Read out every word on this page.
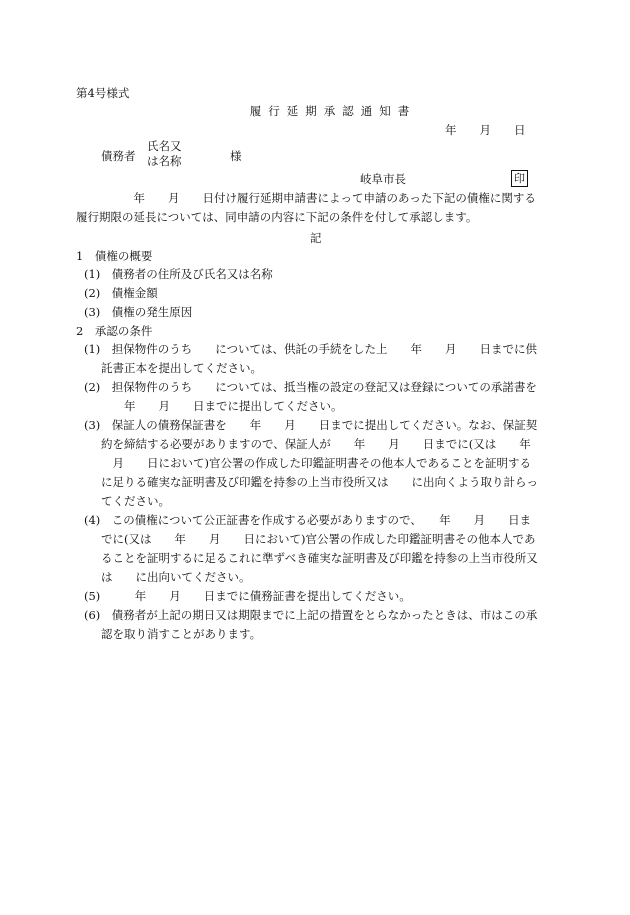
第4号様式
履行延期承認通知書
年　　月　　日
債務者
氏名又は名称	様
岐阜市長	印
　　　　　年　　月　　日付け履行延期申請書によって申請のあった下記の債権に関する
履行期限の延長については、同申請の内容に下記の条件を付して承認します。
記
1　債権の概要
(1)　債務者の住所及び氏名又は名称
(2)　債権金額
(3)　債権の発生原因
2　承認の条件
(1)　担保物件のうち　　については、供託の手続をした上　　年　　月　　日までに供
託書正本を提出してください。
(2)　担保物件のうち　　については、抵当権の設定の登記又は登録についての承諾書を
　　年　　月　　日までに提出してください。
(3)　保証人の債務保証書を　　年　　月　　日までに提出してください。なお、保証契
約を締結する必要がありますので、保証人が　　年　　月　　日までに(又は　　年
　月　　日において)官公署の作成した印鑑証明書その他本人であることを証明する
に足りる確実な証明書及び印鑑を持参の上当市役所又は　　に出向くよう取り計らっ
てください。
(4)　この債権について公正証書を作成する必要がありますので、　　年　　月　　日ま
でに(又は　　年　　月　　日において)官公署の作成した印鑑証明書その他本人であ
ることを証明するに足るこれに準ずべき確実な証明書及び印鑑を持参の上当市役所又
は　　に出向いてください。
(5)　　　年　　月　　日までに債務証書を提出してください。
(6)　債務者が上記の期日又は期限までに上記の措置をとらなかったときは、市はこの承
認を取り消すことがあります。
